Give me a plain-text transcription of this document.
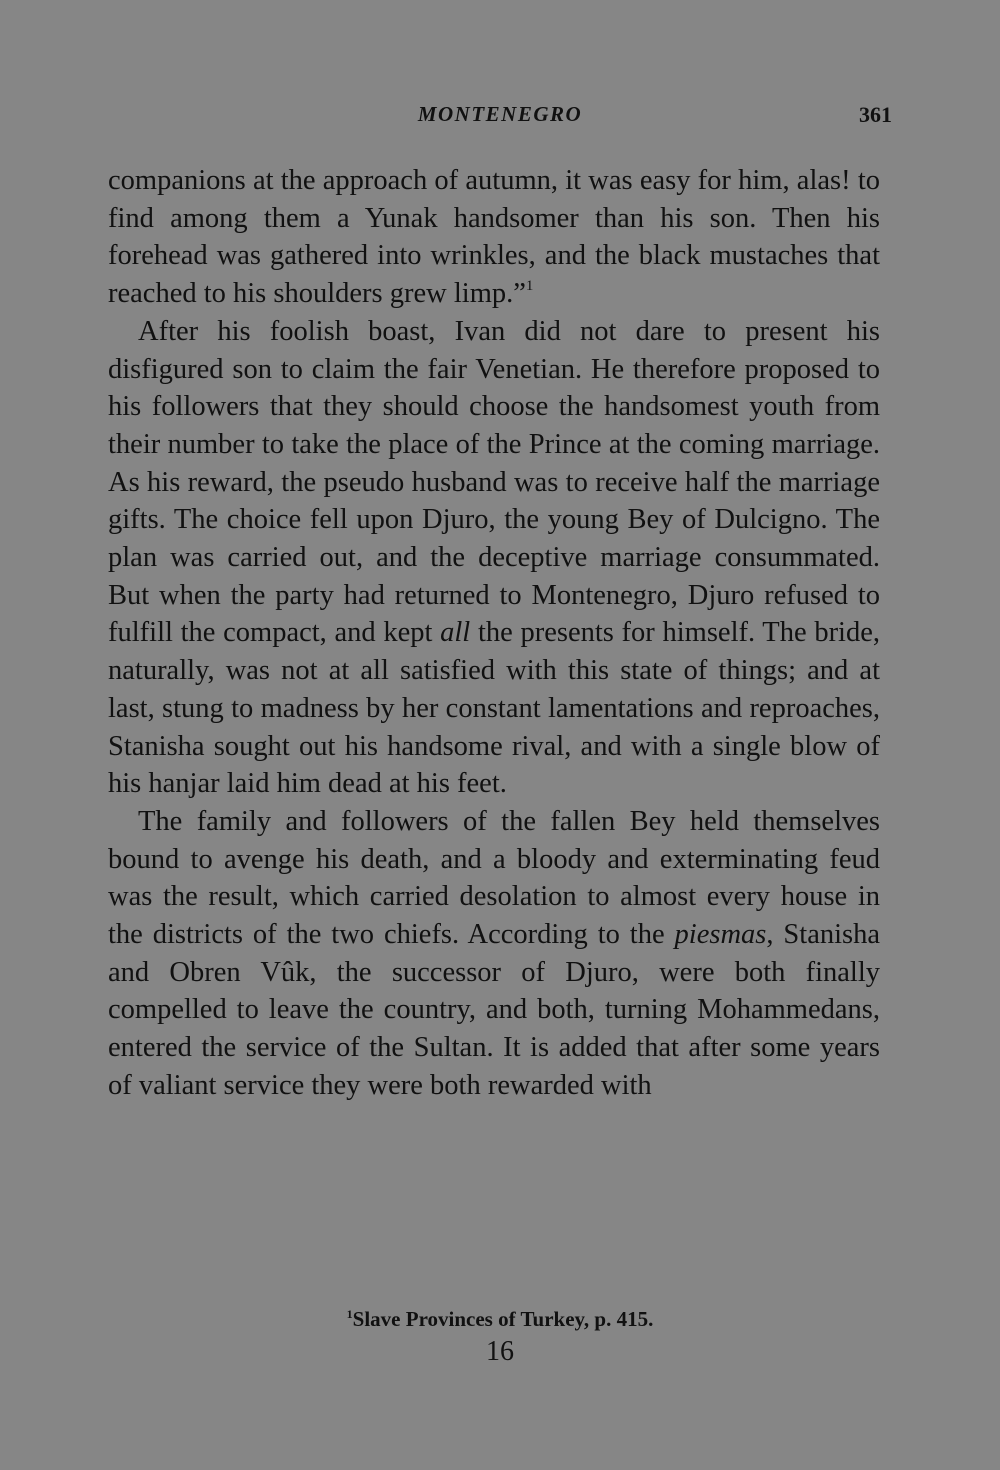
MONTENEGRO	361

companions at the approach of autumn, it was easy for him, alas! to find among them a Yunak handsomer than his son. Then his forehead was gathered into wrinkles, and the black mustaches that reached to his shoulders grew limp.”$^1$

After his foolish boast, Ivan did not dare to present his disfigured son to claim the fair Venetian. He therefore proposed to his followers that they should choose the handsomest youth from their number to take the place of the Prince at the coming marriage. As his reward, the pseudo husband was to receive half the marriage gifts. The choice fell upon Djuro, the young Bey of Dulcigno. The plan was carried out, and the deceptive marriage consummated. But when the party had returned to Montenegro, Djuro refused to fulfill the compact, and kept all the presents for himself. The bride, naturally, was not at all satisfied with this state of things; and at last, stung to madness by her constant lamentations and reproaches, Stanisha sought out his handsome rival, and with a single blow of his hanjar laid him dead at his feet.

The family and followers of the fallen Bey held themselves bound to avenge his death, and a bloody and exterminating feud was the result, which carried desolation to almost every house in the districts of the two chiefs. According to the piesmas, Stanisha and Obren Vûk, the successor of Djuro, were both finally compelled to leave the country, and both, turning Mohammedans, entered the service of the Sultan. It is added that after some years of valiant service they were both rewarded with

$^1$Slave Provinces of Turkey, p. 415.
16
